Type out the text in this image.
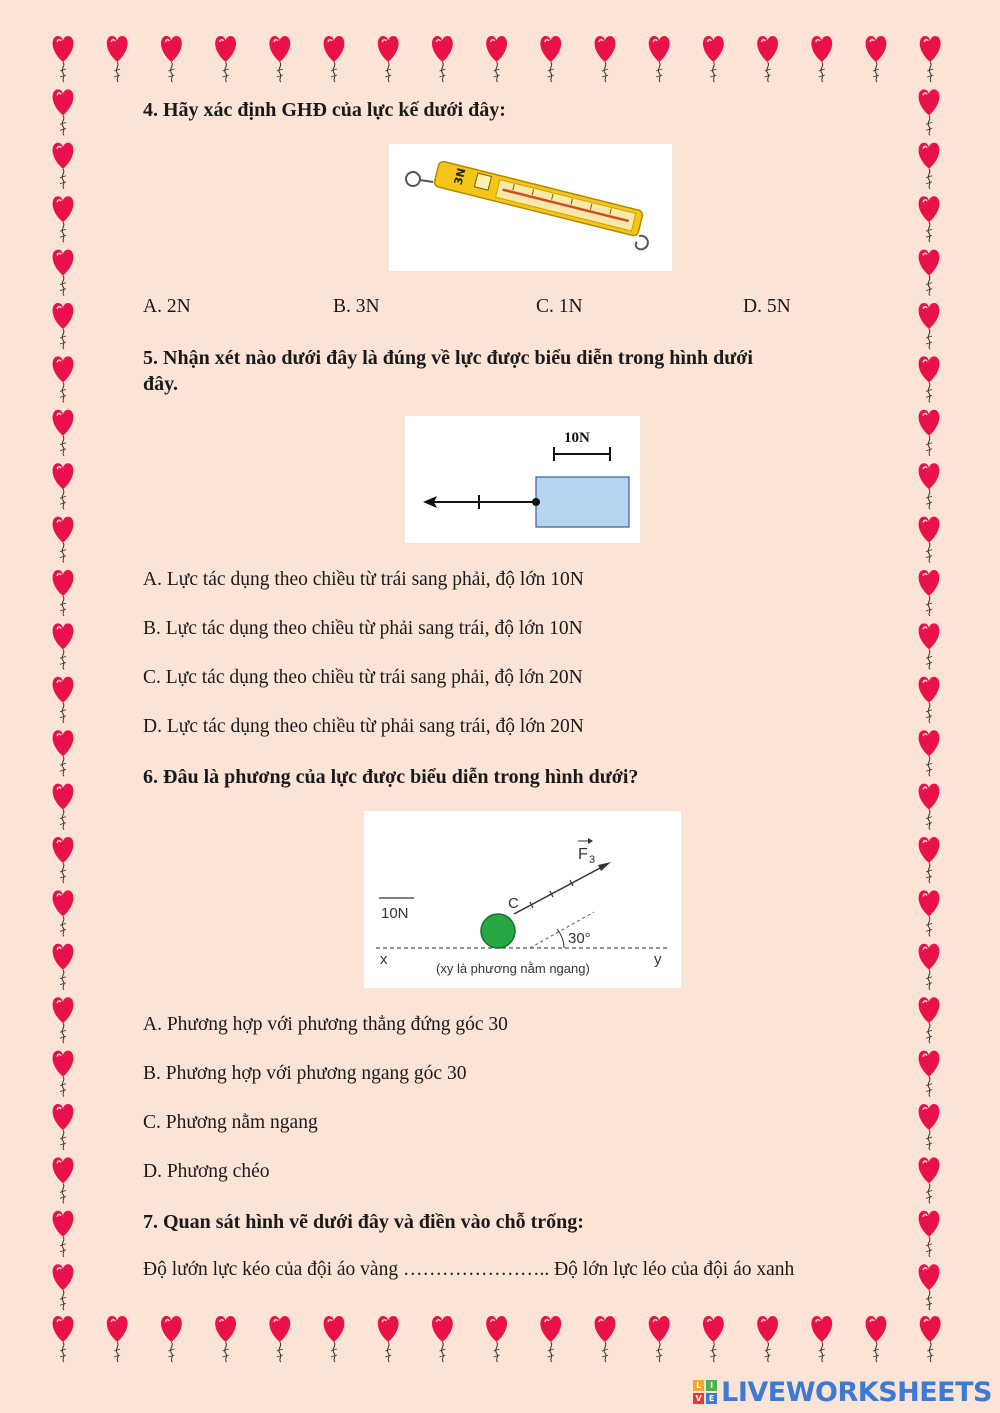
4. Hãy xác định GHĐ của lực kế dưới đây:
3N
A. 2N	B. 3N	C. 1N	D. 5N
5. Nhận xét nào dưới đây là đúng về lực được biểu diễn trong hình dưới
đây.
10N
A. Lực tác dụng theo chiều từ trái sang phải, độ lớn 10N
B. Lực tác dụng theo chiều từ phải sang trái, độ lớn 10N
C. Lực tác dụng theo chiều từ trái sang phải, độ lớn 20N
D. Lực tác dụng theo chiều từ phải sang trái, độ lớn 20N
6. Đâu là phương của lực được biểu diễn trong hình dưới?
x	y
(xy là phương nằm ngang)
10N
C
30°
F 3
A. Phương hợp với phương thẳng đứng góc 30
B. Phương hợp với phương ngang góc 30
C. Phương nằm ngang
D. Phương chéo
7. Quan sát hình vẽ dưới đây và điền vào chỗ trống:
Độ lướn lực kéo của đội áo vàng ………………….. Độ lớn lực léo của đội áo xanh
L	I
V E LIVEWORKSHEETS
